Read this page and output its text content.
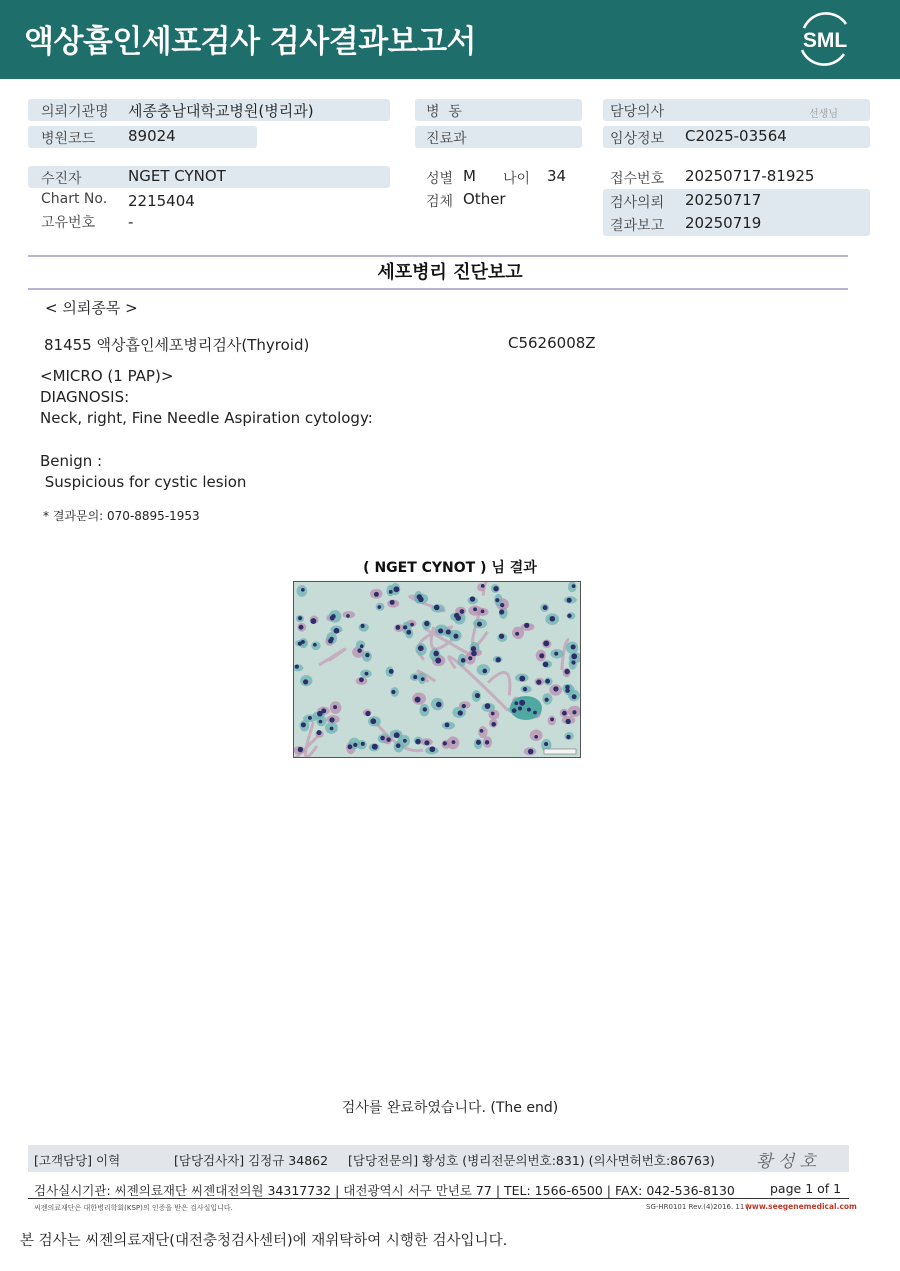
액상흡인세포검사 검사결과보고서	SML
의뢰기관명 세종충남대학교병원(병리과)
병원코드 89024
수진자	NGET CYNOT
Chart No. 2215404
고유번호 -
병  동
진료과
성별 M 나이 34
검체 Other
담당의사	선생님
임상정보 C2025-03564
접수번호 20250717-81925
검사의뢰 20250717
결과보고 20250719
세포병리 진단보고
< 의뢰종목 >
81455 액상흡인세포병리검사(Thyroid)	C5626008Z
<MICRO (1 PAP)>
DIAGNOSIS:
Neck, right, Fine Needle Aspiration cytology:
Benign :
Suspicious for cystic lesion
* 결과문의: 070-8895-1953
( NGET CYNOT ) 님 결과
검사를 완료하였습니다. (The end)
[고객담당] 이혁	[담당검사자] 김정규 34862 [담당전문의] 황성호 (병리전문의번호:831) (의사면허번호:86763) 황 성 호
검사실시기관: 씨젠의료재단 씨젠대전의원 34317732 | 대전광역시 서구 만년로 77 | TEL: 1566-6500 | FAX: 042-536-8130	page 1 of 1
씨젠의료재단은 대한병리학회(KSP)의 인증을 받은 검사실입니다.	SG-HR0101 Rev.(4)2016. 11 |
www.seegenemedical.com
본 검사는 씨젠의료재단(대전충청검사센터)에 재위탁하여 시행한 검사입니다.
